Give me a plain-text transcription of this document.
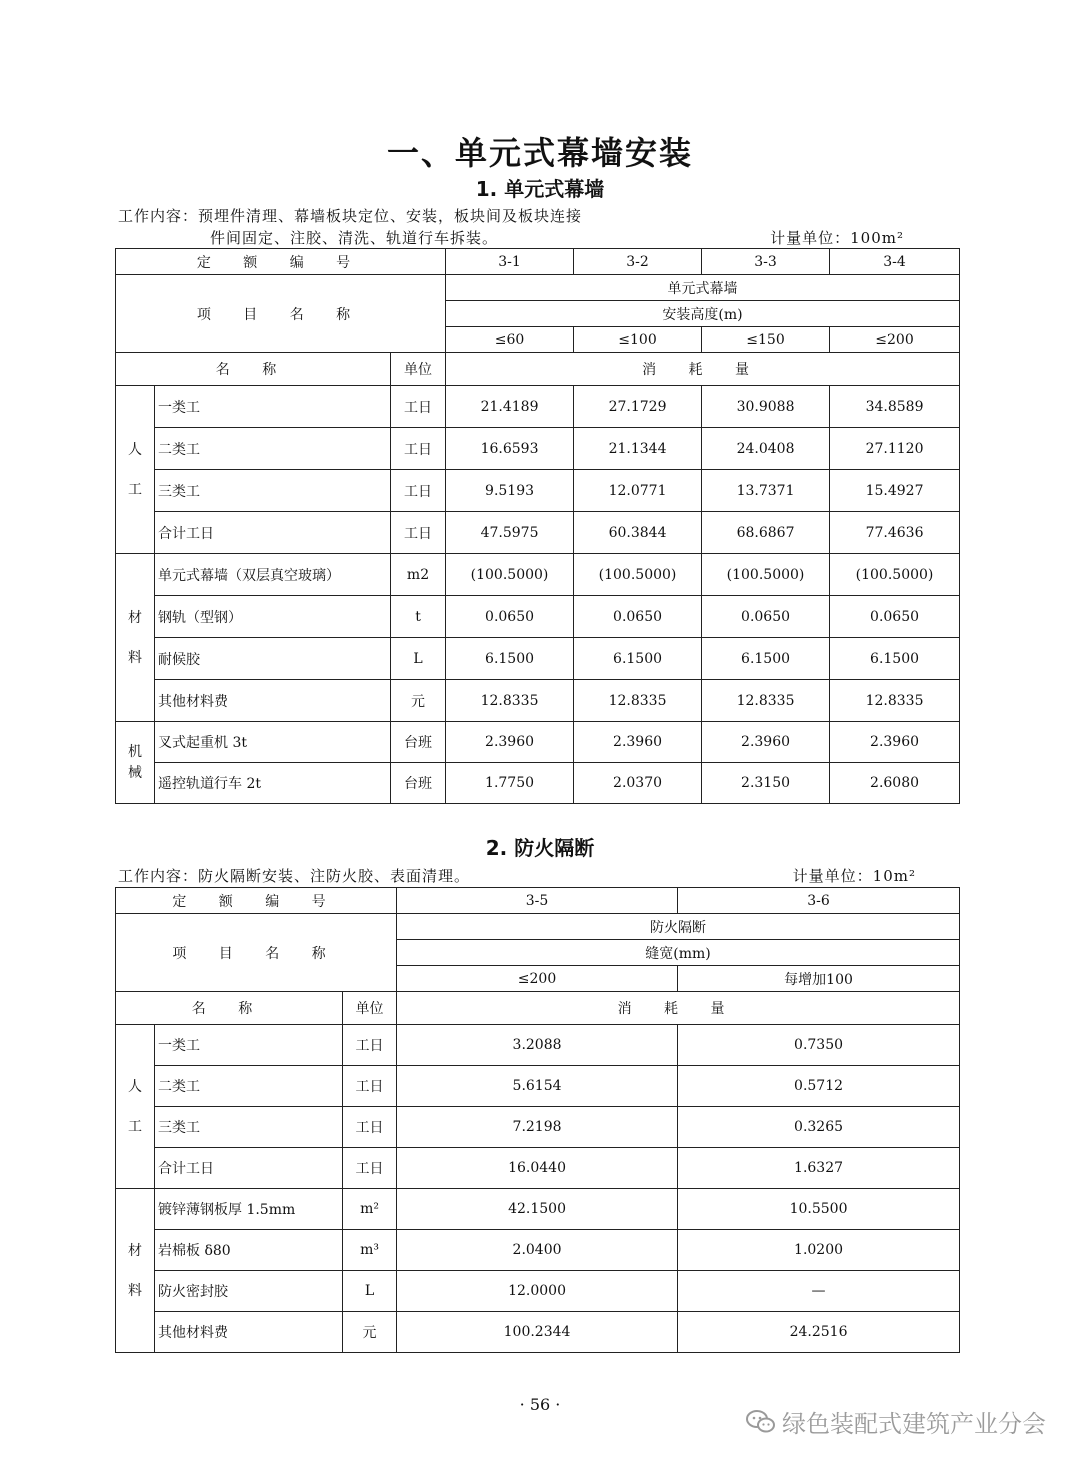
一、单元式幕墙安装
1. 单元式幕墙
工作内容：预埋件清理、幕墙板块定位、安装，板块间及板块连接
件间固定、注胶、清洗、轨道行车拆装。	计量单位：100m²
定 额 编 号			3-1	3-2	3-3	3-4
项 目 名 称			单元式幕墙			
			安装高度(m)			
			≤60	≤100	≤150	≤200
名 称		单位	消 耗 量			
人
工	一类工	工日	21.4189	27.1729	30.9088	34.8589
	二类工	工日	16.6593	21.1344	24.0408	27.1120
	三类工	工日	9.5193	12.0771	13.7371	15.4927
	合计工日	工日	47.5975	60.3844	68.6867	77.4636
材
料	单元式幕墙（双层真空玻璃）	m2	(100.5000)	(100.5000)	(100.5000)	(100.5000)
	钢轨（型钢）	t	0.0650	0.0650	0.0650	0.0650
	耐候胶	L	6.1500	6.1500	6.1500	6.1500
	其他材料费	元	12.8335	12.8335	12.8335	12.8335

机
械	叉式起重机 3t	台班	2.3960	2.3960	2.3960	2.3960
	遥控轨道行车 2t	台班	1.7750	2.0370	2.3150	2.6080
2. 防火隔断
工作内容：防火隔断安装、注防火胶、表面清理。	计量单位：10m²
定 额 编 号			3-5	3-6
项 目 名 称			防火隔断	
			缝宽(mm)	
			≤200	每增加100
名 称		单位	消 耗 量	
人
工	一类工	工日	3.2088	0.7350
	二类工	工日	5.6154	0.5712
	三类工	工日	7.2198	0.3265
	合计工日	工日	16.0440	1.6327
材
料	镀锌薄钢板厚 1.5mm	m²	42.1500	10.5500
	岩棉板 δ80	m³	2.0400	1.0200
	防火密封胶	L	12.0000	—
	其他材料费	元	100.2344	24.2516
· 56 ·
绿色装配式建筑产业分会
